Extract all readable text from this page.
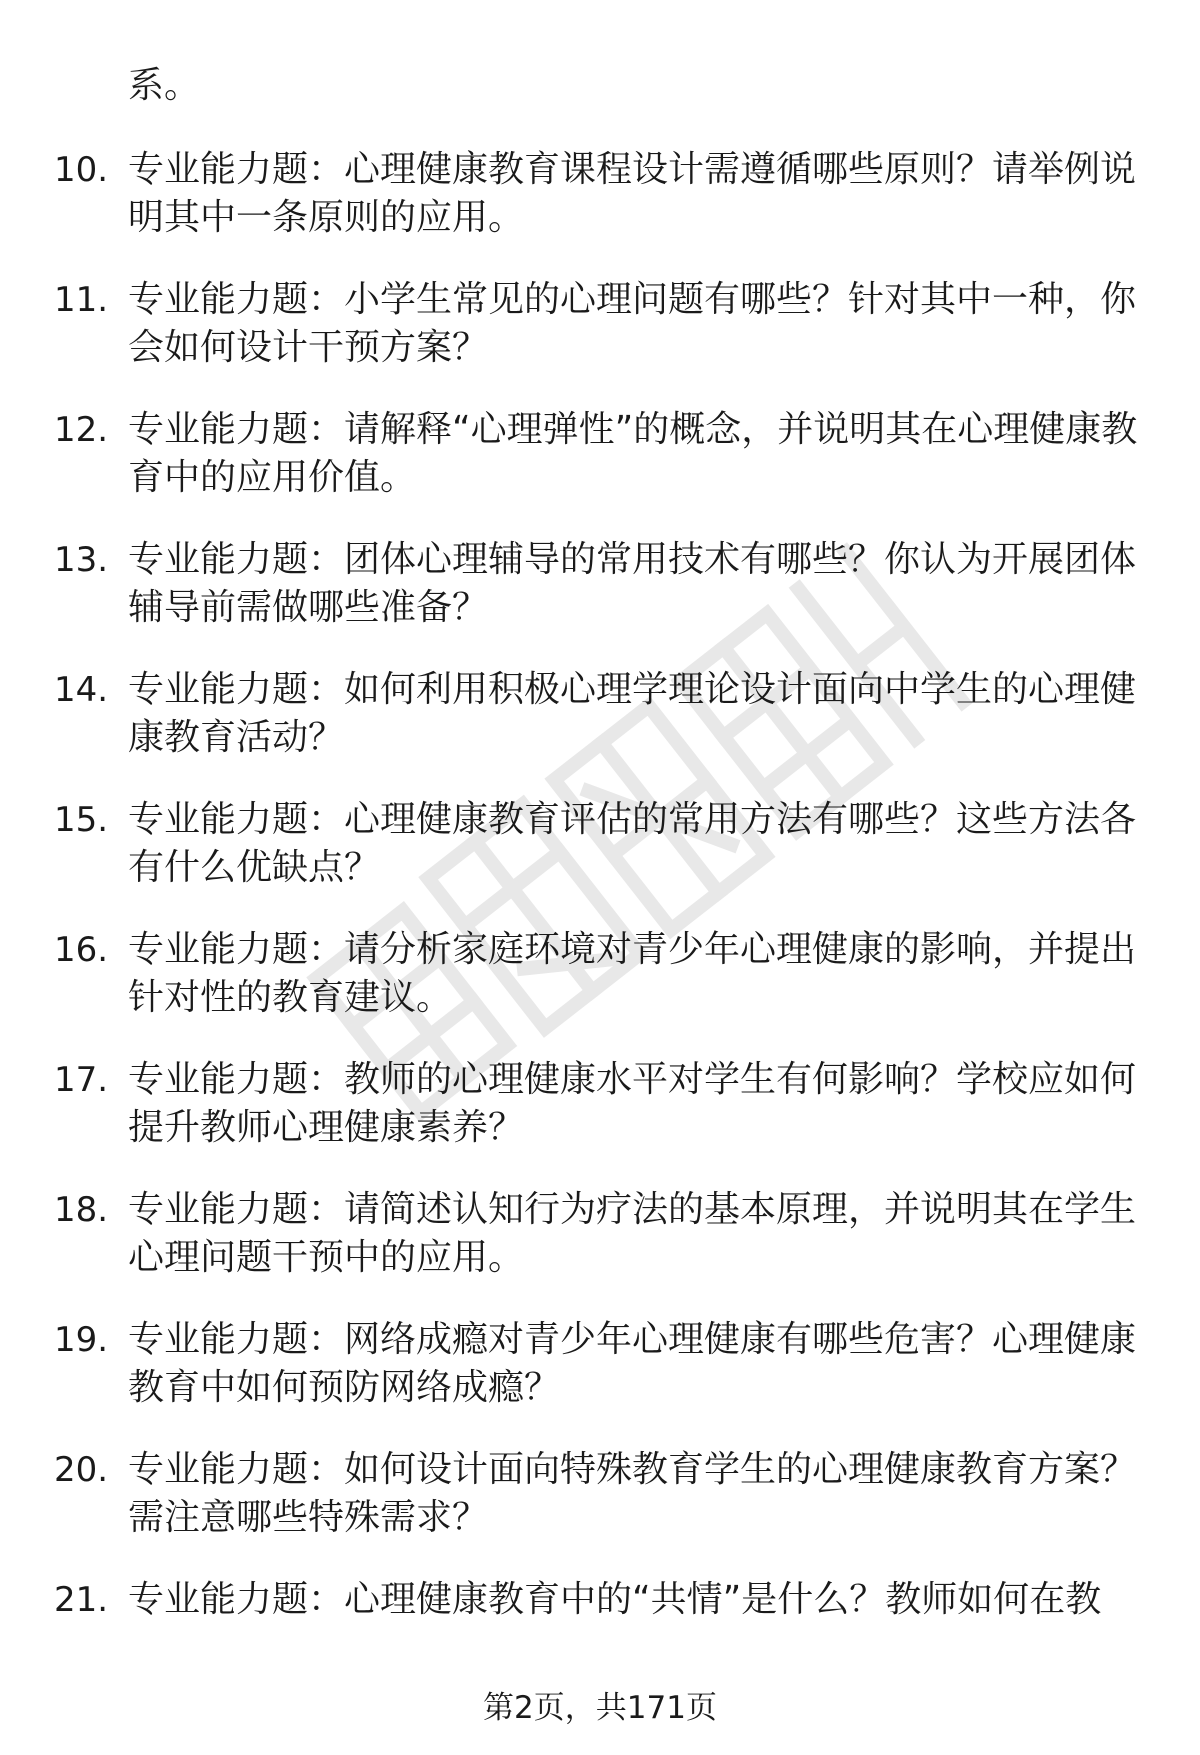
系。

10. 专业能力题：心理健康教育课程设计需遵循哪些原则？请举例说明其中一条原则的应用。
11. 专业能力题：小学生常见的心理问题有哪些？针对其中一种，你会如何设计干预方案？
12. 专业能力题：请解释“心理弹性”的概念，并说明其在心理健康教育中的应用价值。
13. 专业能力题：团体心理辅导的常用技术有哪些？你认为开展团体辅导前需做哪些准备？
14. 专业能力题：如何利用积极心理学理论设计面向中学生的心理健康教育活动？
15. 专业能力题：心理健康教育评估的常用方法有哪些？这些方法各有什么优缺点？
16. 专业能力题：请分析家庭环境对青少年心理健康的影响，并提出针对性的教育建议。
17. 专业能力题：教师的心理健康水平对学生有何影响？学校应如何提升教师心理健康素养？
18. 专业能力题：请简述认知行为疗法的基本原理，并说明其在学生心理问题干预中的应用。
19. 专业能力题：网络成瘾对青少年心理健康有哪些危害？心理健康教育中如何预防网络成瘾？
20. 专业能力题：如何设计面向特殊教育学生的心理健康教育方案？需注意哪些特殊需求？
21. 专业能力题：心理健康教育中的“共情”是什么？教师如何在教
第2页，共171页
